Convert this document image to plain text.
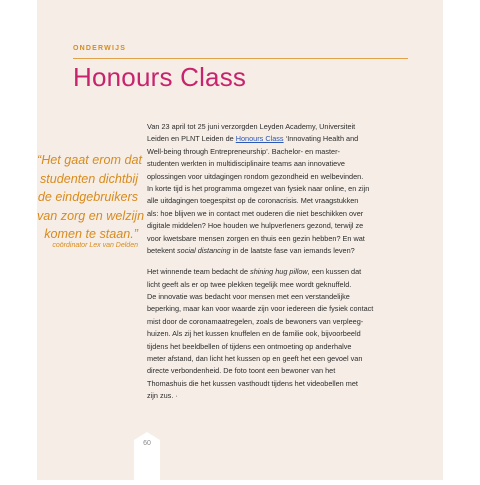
ONDERWIJS
Honours Class
“Het gaat erom dat
studenten dichtbij
de eindgebruikers
van zorg en welzijn
komen te staan.”
coördinator Lex van Delden
Van 23 april tot 25 juni verzorgden Leyden Academy, Universiteit
Leiden en PLNT Leiden de Honours Class ‘Innovating Health and
Well-being through Entrepreneurship’. Bachelor- en master-
studenten werkten in multidisciplinaire teams aan innovatieve
oplossingen voor uitdagingen rondom gezondheid en welbevinden.
In korte tijd is het programma omgezet van fysiek naar online, en zijn
alle uitdagingen toegespitst op de coronacrisis. Met vraagstukken
als: hoe blijven we in contact met ouderen die niet beschikken over
digitale middelen? Hoe houden we hulpverleners gezond, terwijl ze
voor kwetsbare mensen zorgen en thuis een gezin hebben? En wat
betekent social distancing in de laatste fase van iemands leven?
Het winnende team bedacht de shining hug pillow, een kussen dat
licht geeft als er op twee plekken tegelijk mee wordt geknuffeld.
De innovatie was bedacht voor mensen met een verstandelijke
beperking, maar kan voor waarde zijn voor iedereen die fysiek contact
mist door de coronamaatregelen, zoals de bewoners van verpleeg-
huizen. Als zij het kussen knuffelen en de familie ook, bijvoorbeeld
tijdens het beeldbellen of tijdens een ontmoeting op anderhalve
meter afstand, dan licht het kussen op en geeft het een gevoel van
directe verbondenheid. De foto toont een bewoner van het
Thomashuis die het kussen vasthoudt tijdens het videobellen met
zijn zus. ·
60
